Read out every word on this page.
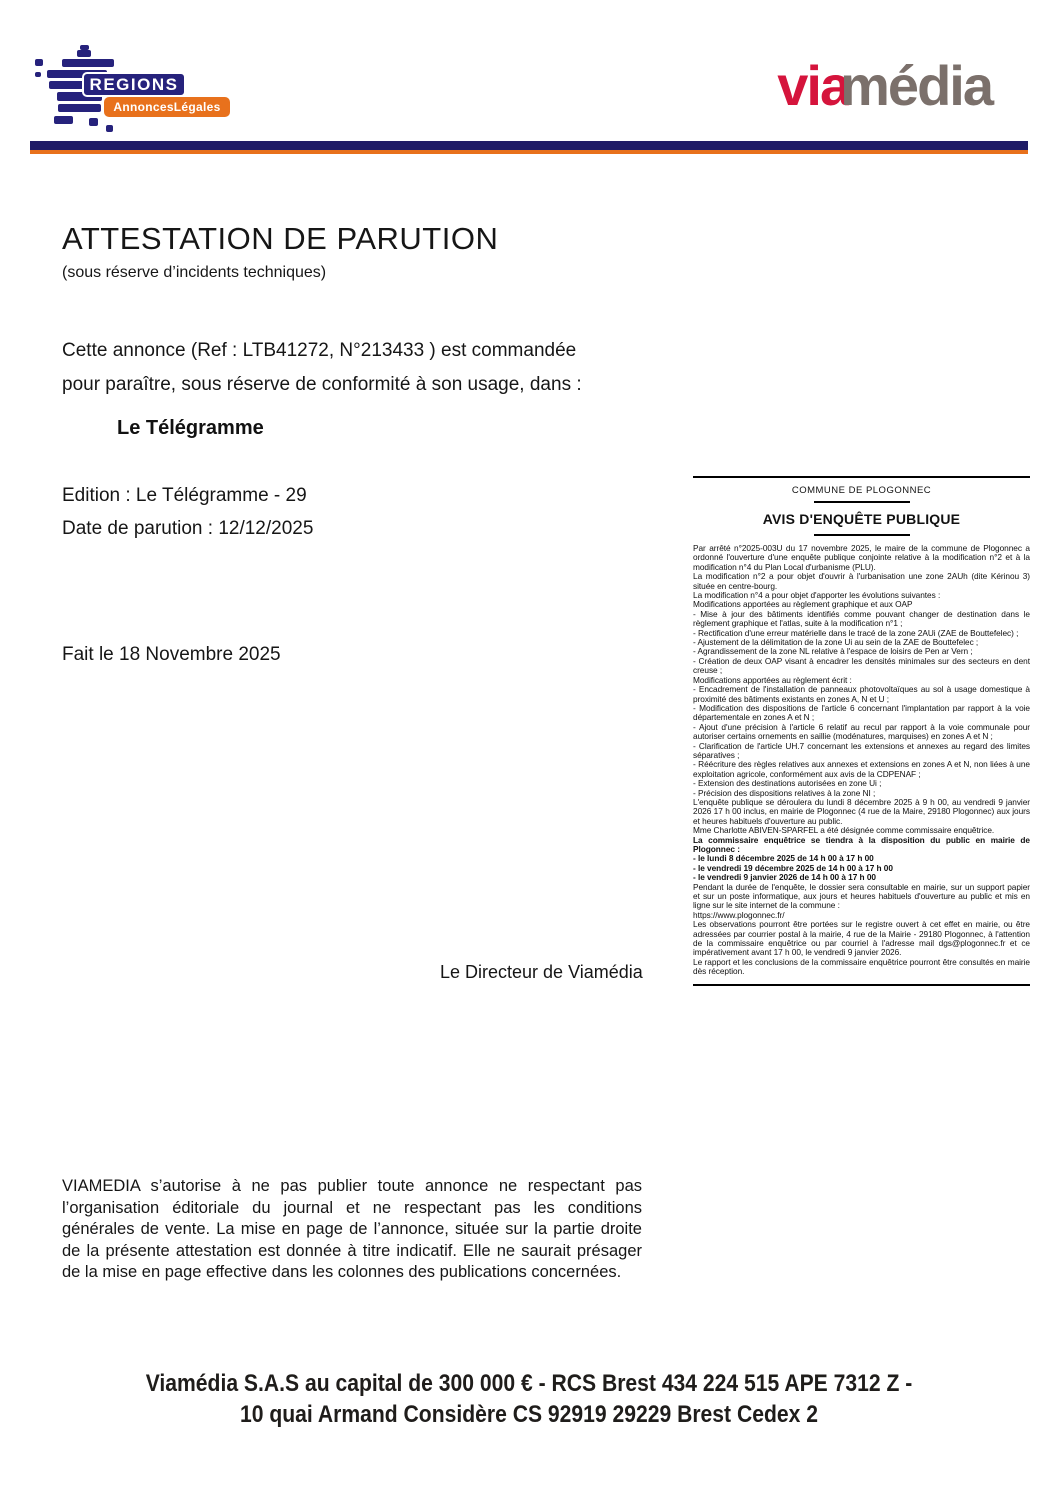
REGIONS
AnnoncesLégales	viamédia
ATTESTATION DE PARUTION
(sous réserve d’incidents techniques)
Cette annonce (Ref : LTB41272, N°213433 ) est commandée
pour paraître, sous réserve de conformité à son usage, dans :
Le Télégramme
Edition : Le Télégramme - 29
Date de parution : 12/12/2025
Fait le 18 Novembre 2025
COMMUNE DE PLOGONNEC
AVIS D'ENQUÊTE PUBLIQUE
Par arrêté n°2025-003U du 17 novembre 2025, le maire de la commune de Plogonnec a ordonné l'ouverture d'une enquête publique conjointe relative à la modification n°2 et à la modification n°4 du Plan Local d'urbanisme (PLU).
La modification n°2 a pour objet d'ouvrir à l'urbanisation une zone 2AUh (dite Kérinou 3) située en centre-bourg.
La modification n°4 a pour objet d'apporter les évolutions suivantes :
Modifications apportées au règlement graphique et aux OAP
- Mise à jour des bâtiments identifiés comme pouvant changer de destination dans le règlement graphique et l'atlas, suite à la modification n°1 ;
- Rectification d'une erreur matérielle dans le tracé de la zone 2AUi (ZAE de Bouttefelec) ;
- Ajustement de la délimitation de la zone Ui au sein de la ZAE de Bouttefelec ;
- Agrandissement de la zone NL relative à l'espace de loisirs de Pen ar Vern ;
- Création de deux OAP visant à encadrer les densités minimales sur des secteurs en dent creuse ;
Modifications apportées au règlement écrit :
- Encadrement de l'installation de panneaux photovoltaïques au sol à usage domestique à proximité des bâtiments existants en zones A, N et U ;
- Modification des dispositions de l'article 6 concernant l'implantation par rapport à la voie départementale en zones A et N ;
- Ajout d'une précision à l'article 6 relatif au recul par rapport à la voie communale pour autoriser certains ornements en saillie (modénatures, marquises) en zones A et N ;
- Clarification de l'article UH.7 concernant les extensions et annexes au regard des limites séparatives ;
- Réécriture des règles relatives aux annexes et extensions en zones A et N, non liées à une exploitation agricole, conformément aux avis de la CDPENAF ;
- Extension des destinations autorisées en zone Ui ;
- Précision des dispositions relatives à la zone NI ;
L'enquête publique se déroulera du lundi 8 décembre 2025 à 9 h 00, au vendredi 9 janvier 2026 17 h 00 inclus, en mairie de Plogonnec (4 rue de la Maire, 29180 Plogonnec) aux jours et heures habituels d'ouverture au public.
Mme Charlotte ABIVEN-SPARFEL a été désignée comme commissaire enquêtrice.
La commissaire enquêtrice se tiendra à la disposition du public en mairie de Plogonnec :
- le lundi 8 décembre 2025 de 14 h 00 à 17 h 00
- le vendredi 19 décembre 2025 de 14 h 00 à 17 h 00
- le vendredi 9 janvier 2026 de 14 h 00 à 17 h 00
Pendant la durée de l'enquête, le dossier sera consultable en mairie, sur un support papier et sur un poste informatique, aux jours et heures habituels d'ouverture au public et mis en ligne sur le site internet de la commune :
https://www.plogonnec.fr/
Les observations pourront être portées sur le registre ouvert à cet effet en mairie, ou être adressées par courrier postal à la mairie, 4 rue de la Mairie - 29180 Plogonnec, à l'attention de la commissaire enquêtrice ou par courriel à l'adresse mail dgs@plogonnec.fr et ce impérativement avant 17 h 00, le vendredi 9 janvier 2026.
Le rapport et les conclusions de la commissaire enquêtrice pourront être consultés en mairie dès réception.
Le Directeur de Viamédia
VIAMEDIA s’autorise à ne pas publier toute annonce ne respectant pas l’organisation éditoriale du journal et ne respectant pas les conditions générales de vente. La mise en page de l’annonce, située sur la partie droite de la présente attestation est donnée à titre indicatif. Elle ne saurait présager de la mise en page effective dans les colonnes des publications concernées.
Viamédia S.A.S au capital de 300 000 € - RCS Brest 434 224 515 APE 7312 Z -
10 quai Armand Considère CS 92919 29229 Brest Cedex 2
